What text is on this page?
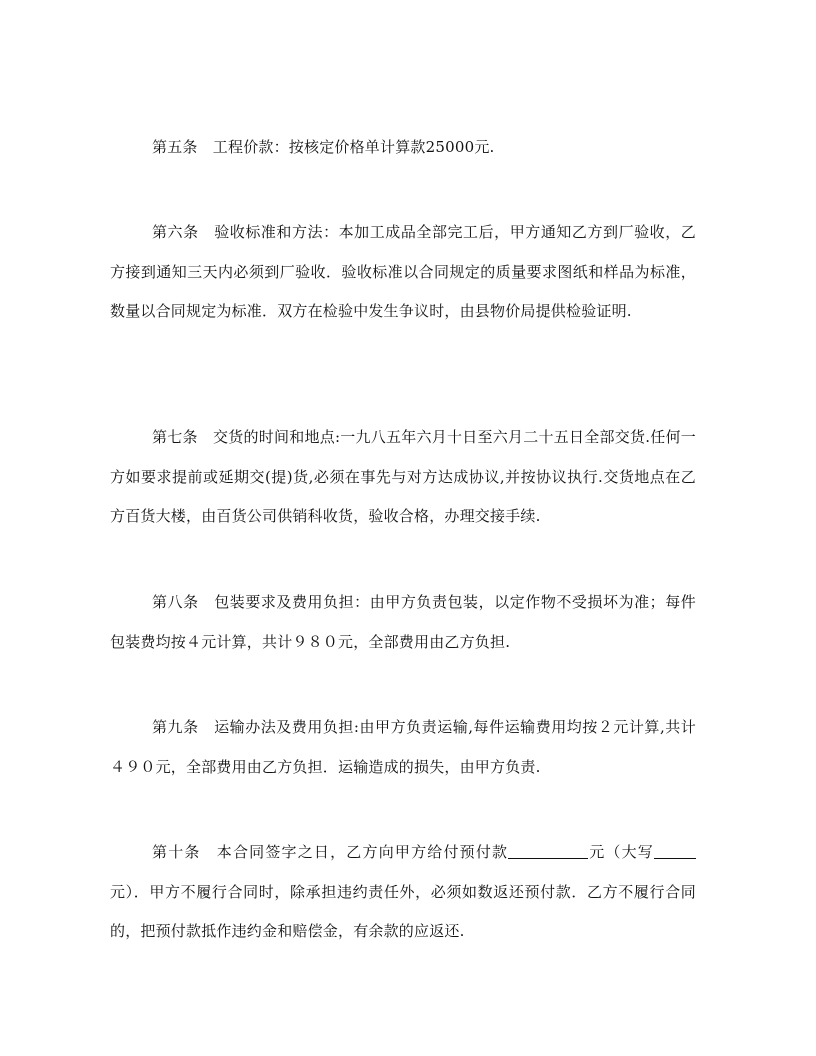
第五条　工程价款：按核定价格单计算款25000元.

第六条　验收标准和方法：本加工成品全部完工后，甲方通知乙方到厂验收，乙方接到通知三天内必须到厂验收．验收标准以合同规定的质量要求图纸和样品为标准，数量以合同规定为标准．双方在检验中发生争议时，由县物价局提供检验证明.

第七条　交货的时间和地点:一九八五年六月十日至六月二十五日全部交货.任何一方如要求提前或延期交(提)货,必须在事先与对方达成协议,并按协议执行.交货地点在乙方百货大楼，由百货公司供销科收货，验收合格，办理交接手续.

第八条　包装要求及费用负担：由甲方负责包装，以定作物不受损坏为准；每件包装费均按４元计算，共计９８０元，全部费用由乙方负担.

第九条　运输办法及费用负担:由甲方负责运输,每件运输费用均按２元计算,共计４９０元，全部费用由乙方负担．运输造成的损失，由甲方负责.

第十条　本合同签字之日，乙方向甲方给付预付款	元（大写元）．甲方不履行合同时，除承担违约责任外，必须如数返还预付款．乙方不履行合同的，把预付款抵作违约金和赔偿金，有余款的应返还.
